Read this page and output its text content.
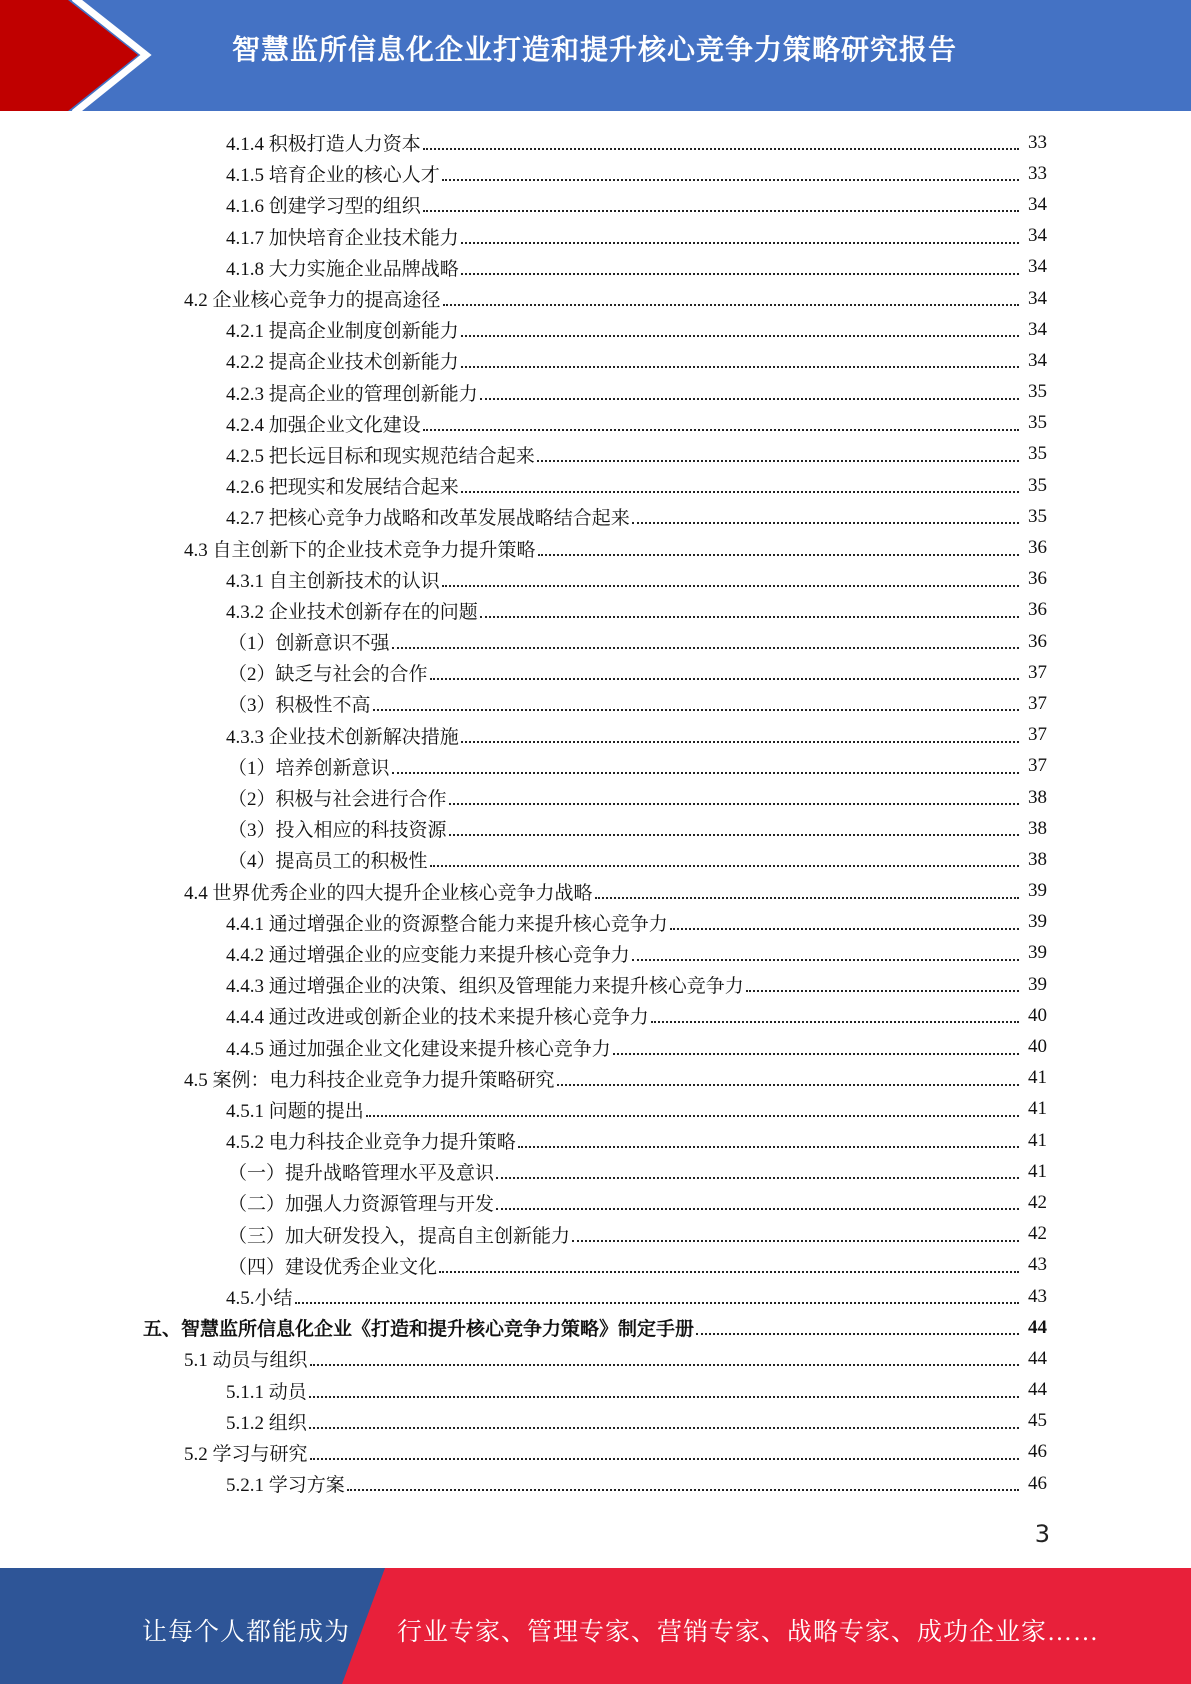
智慧监所信息化企业打造和提升核心竞争力策略研究报告
4.1.4 积极打造人力资本	33
4.1.5 培育企业的核心人才	33
4.1.6 创建学习型的组织	34
4.1.7 加快培育企业技术能力	34
4.1.8 大力实施企业品牌战略	34
4.2 企业核心竞争力的提高途径	34
4.2.1 提高企业制度创新能力	34
4.2.2 提高企业技术创新能力	34
4.2.3 提高企业的管理创新能力	35
4.2.4 加强企业文化建设	35
4.2.5 把长远目标和现实规范结合起来	35
4.2.6 把现实和发展结合起来	35
4.2.7 把核心竞争力战略和改革发展战略结合起来	35
4.3 自主创新下的企业技术竞争力提升策略	36
4.3.1 自主创新技术的认识	36
4.3.2 企业技术创新存在的问题	36
（1）创新意识不强	36
（2）缺乏与社会的合作	37
（3）积极性不高	37
4.3.3 企业技术创新解决措施	37
（1）培养创新意识	37
（2）积极与社会进行合作	38
（3）投入相应的科技资源	38
（4）提高员工的积极性	38
4.4 世界优秀企业的四大提升企业核心竞争力战略	39
4.4.1 通过增强企业的资源整合能力来提升核心竞争力	39
4.4.2 通过增强企业的应变能力来提升核心竞争力	39
4.4.3 通过增强企业的决策、组织及管理能力来提升核心竞争力	39
4.4.4 通过改进或创新企业的技术来提升核心竞争力	40
4.4.5 通过加强企业文化建设来提升核心竞争力	40
4.5 案例：电力科技企业竞争力提升策略研究	41
4.5.1 问题的提出	41
4.5.2 电力科技企业竞争力提升策略	41
（一）提升战略管理水平及意识	41
（二）加强人力资源管理与开发	42
（三）加大研发投入，提高自主创新能力	42
（四）建设优秀企业文化	43
4.5.小结	43
五、智慧监所信息化企业《打造和提升核心竞争力策略》制定手册	44
5.1 动员与组织	44
5.1.1 动员	44
5.1.2 组织	45
5.2 学习与研究	46
5.2.1 学习方案	46
3
让每个人都能成为 行业专家、管理专家、营销专家、战略专家、成功企业家……
